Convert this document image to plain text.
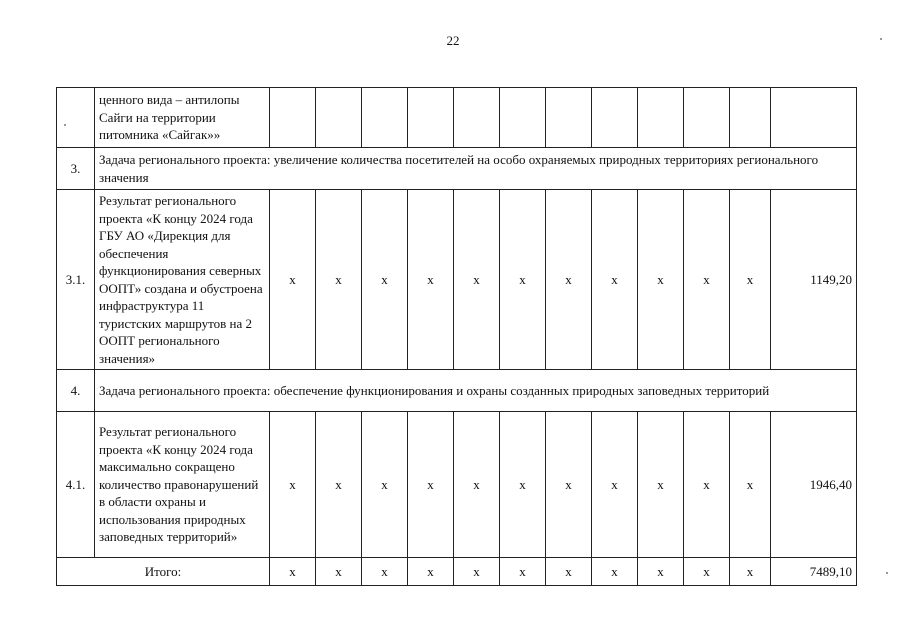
22
	ценного вида – антилопы Сайги на территории питомника «Сайгак»»												
3.	Задача регионального проекта: увеличение количества посетителей на особо охраняемых природных территориях регионального значения												
3.1.	Результат регионального проекта «К концу 2024 года ГБУ АО «Дирекция для обеспечения функционирования северных ООПТ» создана и обустроена инфраструктура 11 туристских маршрутов на 2 ООПТ регионального значения»	x	x	x	x	x	x	x	x	x	x	x	1149,20
4.	Задача регионального проекта: обеспечение функционирования и охраны созданных природных заповедных территорий												
4.1.	Результат регионального проекта «К концу 2024 года максимально сокращено количество правонарушений в области охраны и использования природных заповедных территорий»	x	x	x	x	x	x	x	x	x	x	x	1946,40
Итого:		x	x	x	x	x	x	x	x	x	x	x	7489,10
